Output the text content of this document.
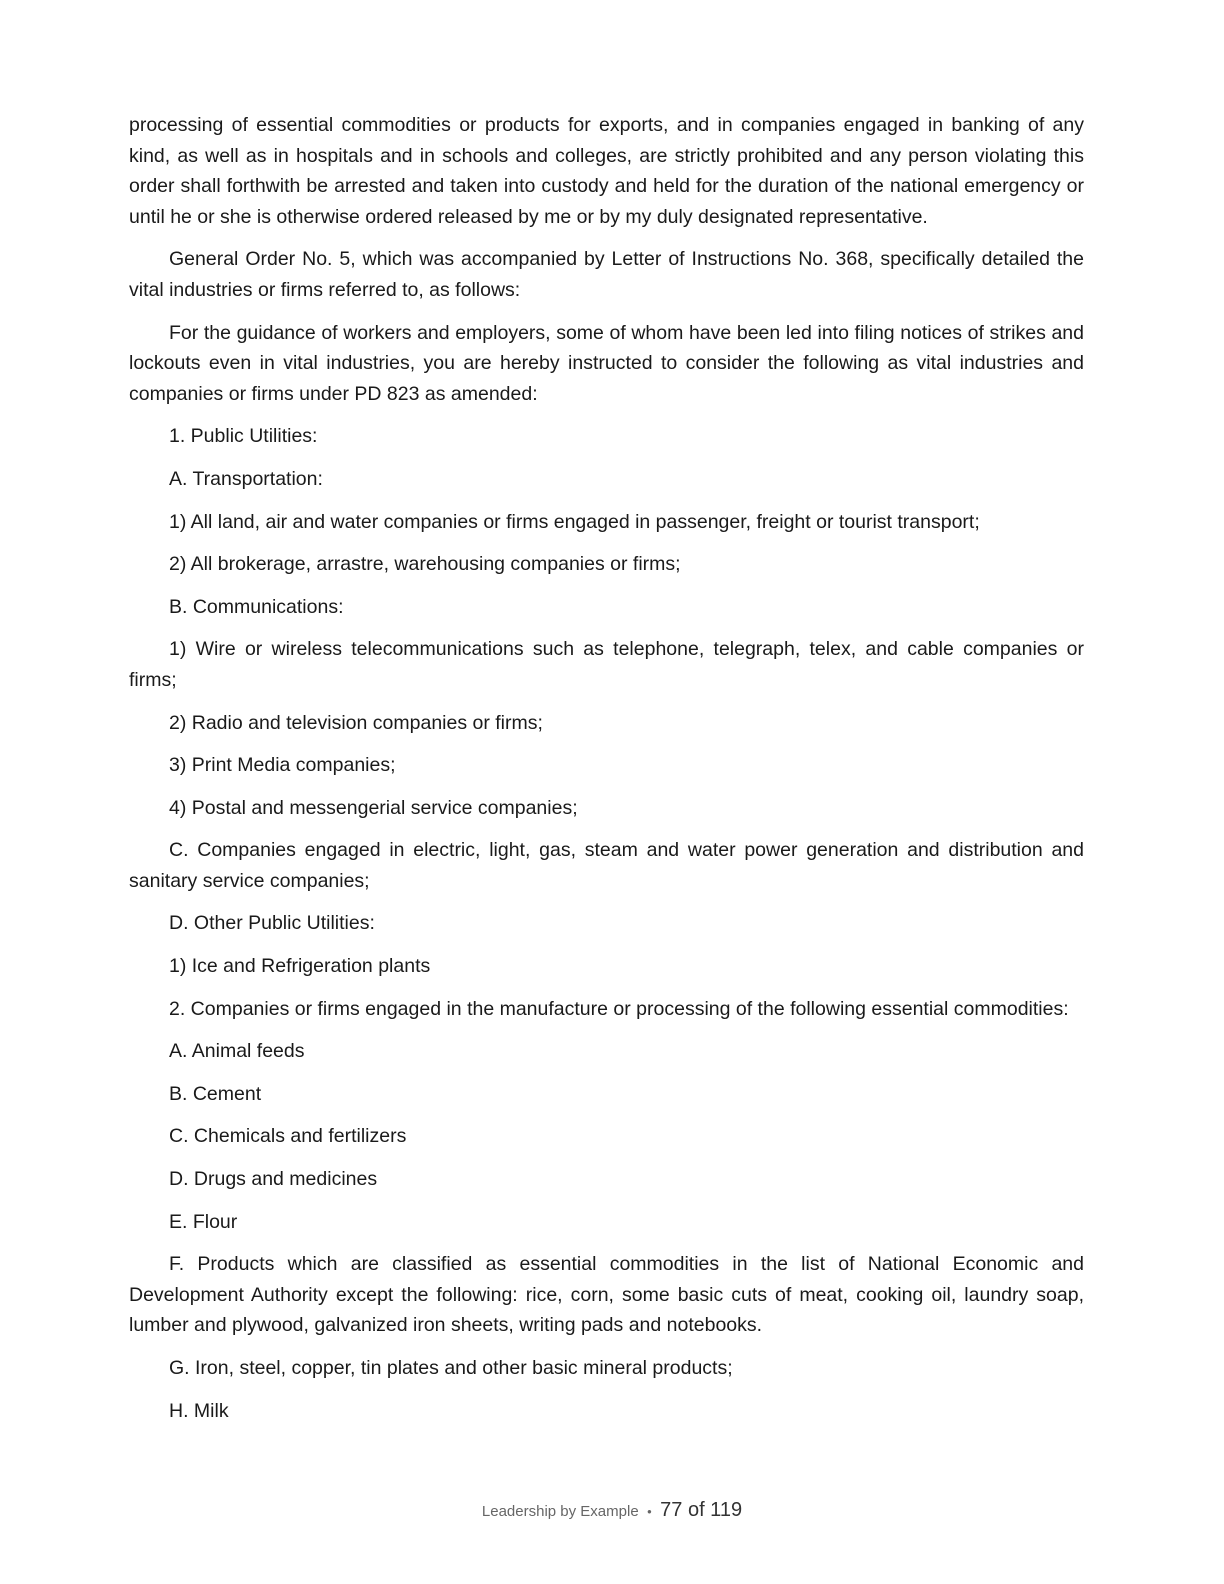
processing of essential commodities or products for exports, and in companies engaged in banking of any kind, as well as in hospitals and in schools and colleges, are strictly prohibited and any person violating this order shall forthwith be arrested and taken into custody and held for the duration of the national emergency or until he or she is otherwise ordered released by me or by my duly designated representative.

General Order No. 5, which was accompanied by Letter of Instructions No. 368, specifically detailed the vital industries or firms referred to, as follows:

For the guidance of workers and employers, some of whom have been led into filing notices of strikes and lockouts even in vital industries, you are hereby instructed to consider the following as vital industries and companies or firms under PD 823 as amended:

1. Public Utilities:

A. Transportation:

1) All land, air and water companies or firms engaged in passenger, freight or tourist transport;

2) All brokerage, arrastre, warehousing companies or firms;

B. Communications:

1) Wire or wireless telecommunications such as telephone, telegraph, telex, and cable companies or firms;

2) Radio and television companies or firms;

3) Print Media companies;

4) Postal and messengerial service companies;

C. Companies engaged in electric, light, gas, steam and water power generation and distribution and sanitary service companies;

D. Other Public Utilities:

1) Ice and Refrigeration plants

2. Companies or firms engaged in the manufacture or processing of the following essential commodities:

A. Animal feeds

B. Cement

C. Chemicals and fertilizers

D. Drugs and medicines

E. Flour

F. Products which are classified as essential commodities in the list of National Economic and Development Authority except the following: rice, corn, some basic cuts of meat, cooking oil, laundry soap, lumber and plywood, galvanized iron sheets, writing pads and notebooks.

G. Iron, steel, copper, tin plates and other basic mineral products;

H. Milk

Leadership by Example • 77 of 119
